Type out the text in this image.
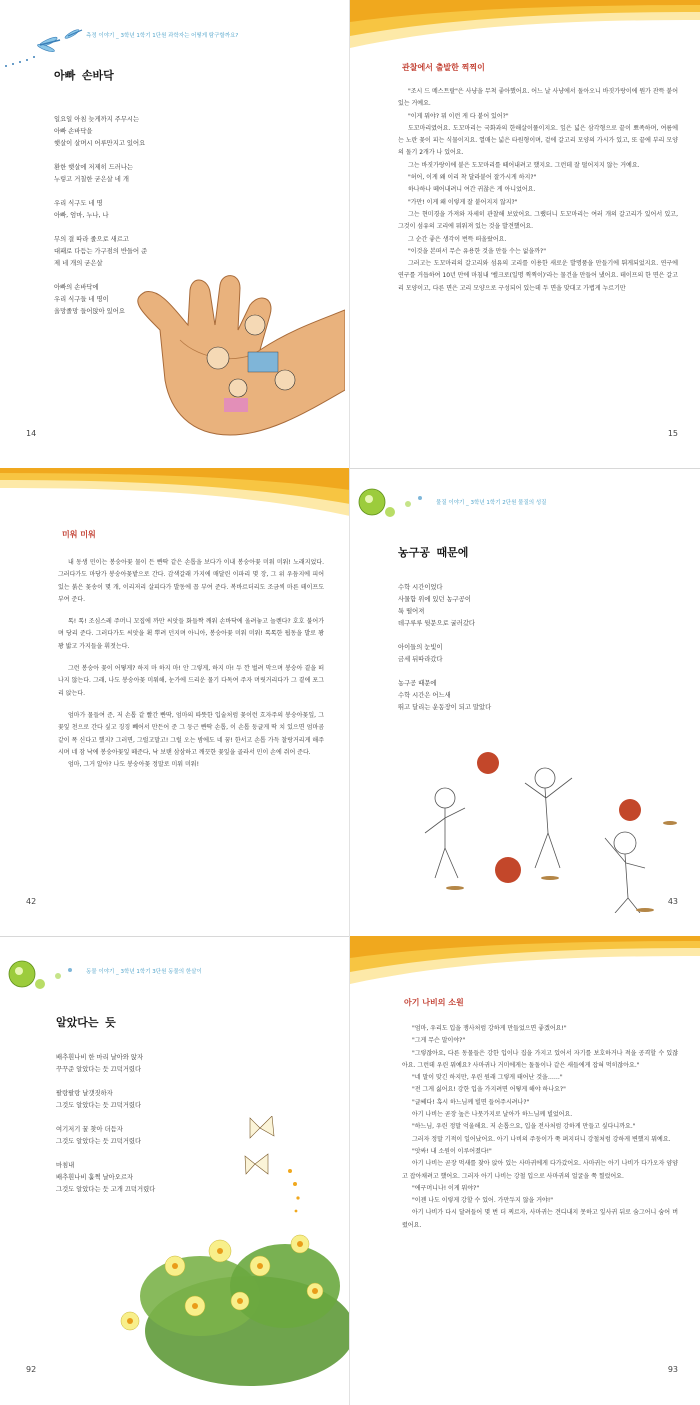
측정 이야기 _ 3학년 1학기 1단원 과학자는 어떻게 탐구할까요?
아빠 손바닥
일요일 아침 늦게까지 주무시는
아빠 손바닥을
햇살이 살며시 어루만지고 있어요
환한 햇살에 저제히 드러나는
누렇고 거칠한 굳은살 네 개
우리 식구도 네 명
아빠, 엄마, 누나, 나
무의 결 따라 줄으로 새르고
대패로 다듬는 가구점의 반들어 준
제 네 개의 굳은살
아빠의 손바닥에
우리 식구들 네 명이
올망졸망 들어앉아 있어요
14
관찰에서 출발한 찍찍이

"조시 드 메스트랄"은 사냥을 무척 좋아했어요. 어느 날 사냥에서 돌아오니 바짓가랑이에 뭔가 잔뜩 붙어 있는 거예요.

"이게 뭐야? 뭐 이런 게 다 붙어 있어?"

도꼬마리였어요. 도꼬마리는 국화과의 한해살이풀이지요. 잎은 넓은 삼각형으로 끝이 뾰족하며, 여름에는 노란 꽃이 피는 식물이지요. 열매는 넓은 타원형이며, 겉에 갈고리 모양의 가시가 있고, 또 끝에 부리 모양의 돌기 2개가 나 있어요.

그는 바짓가랑이에 붙은 도꼬마리를 떼어내려고 했지요. 그런데 잘 떨어지지 않는 거예요.

"허어, 이게 왜 이리 착 달라붙어 잘가시게 하지?"

하나하나 떼어내려니 여간 귀찮은 게 아니었어요.

"가만! 이게 왜 이렇게 잘 붙어지지 않지?"

그는 현미경을 가져와 자세히 관찰해 보았어요. 그랬더니 도꼬마리는 여러 개의 갈고리가 있어서 있고, 그것이 섬유의 고리에 뭐워져 있는 것을 발견했어요.

그 순간 좋은 생각이 번뜩 떠올랐어요.

"이것을 본떠서 무슨 유용한 것을 만들 수는 없을까?"

그러고는 도꼬마리의 갈고리와 섬유의 고리를 이용한 새로운 발명품을 만들기에 뛰게되었지요. 연구에 연구를 거듭하여 10년 만에 마침내 '벨크로(일명 찍찍이)'라는 물건을 만들어 냈어요. 테이프의 한 면은 갈고리 모양이고, 다른 면은 고리 모양으로 구성되어 있는데 두 면을 맞대고 가볍게 누르기만

15
미워 미워

내 동생 민이는 봉숭아꽃 물이 든 빤딱 같은 손톱을 보다가 이내 봉숭아꽃 미워 미워! 노래지었다. 그러다가도 마당가 봉숭아꽃밭으로 간다. 감색갈래 가지에 매달린 이파리 몇 장, 그 위 우듬지에 피어 있는 붉은 꽃송이 몇 개, 이리저리 살피다가 발동에 꼽 부여 준다. 복바르더리도 조금씩 마른 테이프도 부여 준다.

톡! 톡! 조심스레 주머니 꼬집에 까만 씨앗들 화들짝 깨워 손바닥에 올려놓고 놀렌다? 호호 불어가며 당리 준다. 그러다가도 씨앗을 휙 뿌려 던지며 아니아, 봉숭아꽃 미워 미워! 톡톡한 됩동을 발로 꽝꽝 밟고 가지들을 휘젓는다.

그런 봉숭아 꽃이 어떻게? 하지 마 하지 마! 안 그렇게, 하지 마! 두 깐 벌려 막으며 봉숭아 곁을 떠나지 않는다. 그래, 나도 봉숭아꽃 미워해, 눈가에 드리운 물기 다독여 주자 머릿거리다가 그 곁에 포그리 앉는다.

엄마가 물들여 준, 저 손톱 같 빨간 빤딱, 엄마의 따뜻한 입술처럼 꽃이런 흐자주의 봉숭아꽃잎, 그 꽃잎 천으로 간다 싶고 징징 빼어서 만든어 준 그 둥근 빤딱 손톱, 이 손톱 둥글게 딱 치 있으면 엄마곰 같이 폭 신다고 했지? 그러면, 그럴고말고! 그럴 오는 밤에도 네 꿈! 한서고 손톱 가득 찰랑거리게 해주시며 네 잠 낙에 봉숭아꽃잎 떼준다, 낙 보탠 삼삼하고 깨끗한 꽃잎을 골라서 민이 손에 쥐어 준다.

엄마, 그거 알아? 나도 봉숭아꽃 정말로 미워 미워!

42
물질 이야기 _ 3학년 1학기 2단원 물질의 성질
농구공 때문에
수학 시간이었다
사물함 위에 있던 농구공이
툭 떨어져
데구루루 뒷문으로 굴러갔다
아이들의 눈빛이
금세 뒤따라갔다
농구공 때문에
수학 시간은 어느새
뛰고 달리는 운동장이 되고 말았다
43
동물 이야기 _ 3학년 1학기 3단원 동물의 한살이
알았다는 듯
배추흰나비 한 마리 날아와 앉자
꾸꾸준 알았다는 듯 끄덕거렸다
팔랑팔랑 날갯짓하자
그것도 알았다는 듯 끄덕거렸다
여기저기 꿀 찾아 더듬자
그것도 알았다는 듯 끄덕거렸다
마침내
배추흰나비 훌쩍 날아오르자
그것도 알았다는 듯 고개 끄덕거렸다
92
아기 나비의 소원

"엄마, 우리도 입을 쟁사처럼 강하게 만들었으면 좋겠어요!"

"그게 무슨 말이야?"

"그렇잖아요, 다른 동물들은 강한 입이나 집을 가지고 있어서 자기를 보호하거나 적을 공격할 수 있잖아요. 그런데 우린 뭐예요? 사마귀나 거미에게는 돌돌이나 같은 새들에게 잡혀 먹히잖아요."

"네 말이 맞긴 하지만, 우린 원래 그렇게 태어난 것을……"

"전 그게 싫어요! 강한 입을 가지려면 어떻게 해야 하나요?"

"글쎄다! 혹시 하느님께 빌면 들어주시려나?"

아기 나비는 곧장 높은 나뭇가지로 날아가 하느님께 빌었어요.

"하느님, 우린 정말 억울해요. 저 손톱으요, 입을 전사처럼 강하게 만들고 싶다니까요."

그러자 정말 기적이 일어났어요. 아기 나비의 주둥이가 쭉 펴지더니 강철처럼 강하게 변했지 뭐예요.

"앗싸! 내 소원이 이루어졌다!"

아기 나비는 곧장 먹새를 찾아 앉아 있는 사마귀에게 다가갔어요. 사마귀는 아기 나비가 다가오자 얌얌고 잡아채려고 했어요. 그러자 아기 나비는 강철 입으로 사마귀의 얼굴을 쭉 찔렀어요.

"에구머니나! 이게 뭐야?"

"이젠 나도 이렇게 강할 수 있어. 가만두지 않을 거야!"

아기 나비가 다시 달려들어 몇 번 더 찌르자, 사마귀는 견디내지 못하고 잎사귀 뒤로 숨그어니 숨어 버렸어요.

93
